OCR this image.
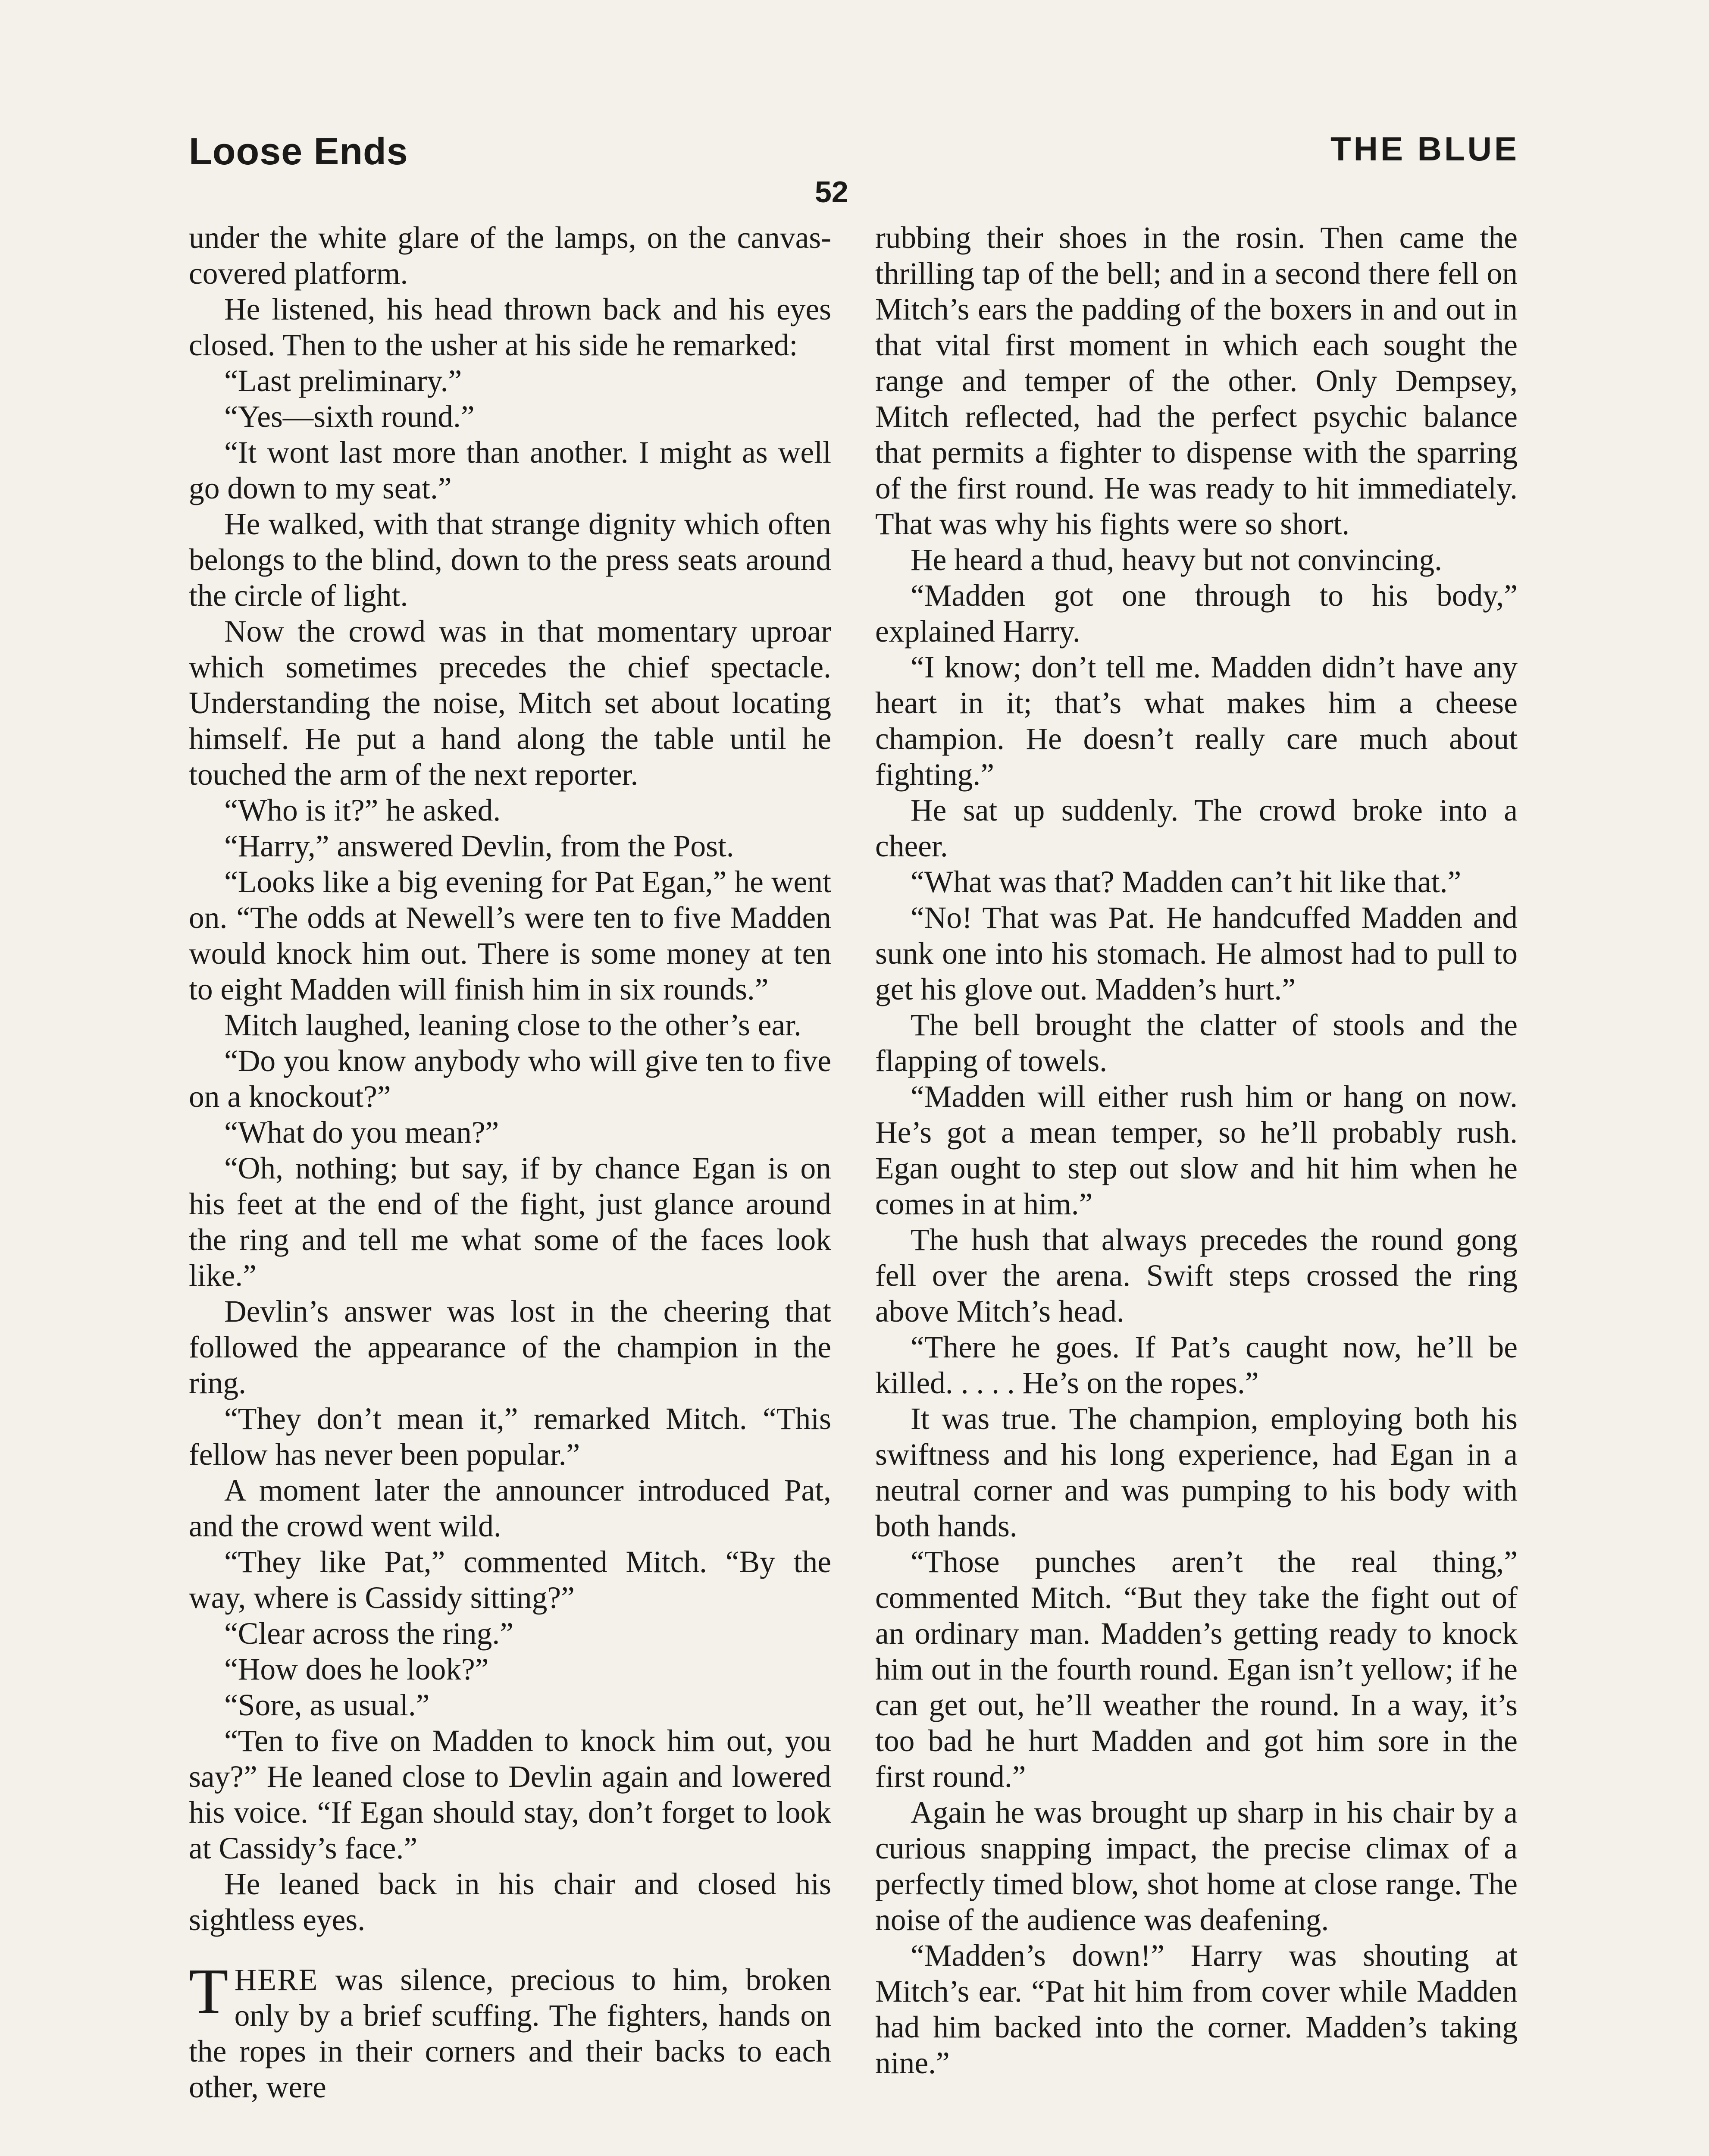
Loose Ends	THE BLUE
52

under the white glare of the lamps, on the canvas-covered platform.

He listened, his head thrown back and his eyes closed. Then to the usher at his side he remarked:

“Last preliminary.”

“Yes—sixth round.”

“It wont last more than another. I might as well go down to my seat.”

He walked, with that strange dignity which often belongs to the blind, down to the press seats around the circle of light.

Now the crowd was in that momentary uproar which sometimes precedes the chief spectacle. Understanding the noise, Mitch set about locating himself. He put a hand along the table until he touched the arm of the next reporter.

“Who is it?” he asked.

“Harry,” answered Devlin, from the Post.

“Looks like a big evening for Pat Egan,” he went on. “The odds at Newell’s were ten to five Madden would knock him out. There is some money at ten to eight Madden will finish him in six rounds.”

Mitch laughed, leaning close to the other’s ear.

“Do you know anybody who will give ten to five on a knockout?”

“What do you mean?”

“Oh, nothing; but say, if by chance Egan is on his feet at the end of the fight, just glance around the ring and tell me what some of the faces look like.”

Devlin’s answer was lost in the cheering that followed the appearance of the champion in the ring.

“They don’t mean it,” remarked Mitch. “This fellow has never been popular.”

A moment later the announcer introduced Pat, and the crowd went wild.

“They like Pat,” commented Mitch. “By the way, where is Cassidy sitting?”

“Clear across the ring.”

“How does he look?”

“Sore, as usual.”

“Ten to five on Madden to knock him out, you say?” He leaned close to Devlin again and lowered his voice. “If Egan should stay, don’t forget to look at Cassidy’s face.”

He leaned back in his chair and closed his sightless eyes.

THERE was silence, precious to him, broken only by a brief scuffing. The fighters, hands on the ropes in their corners and their backs to each other, were

rubbing their shoes in the rosin. Then came the thrilling tap of the bell; and in a second there fell on Mitch’s ears the padding of the boxers in and out in that vital first moment in which each sought the range and temper of the other. Only Dempsey, Mitch reflected, had the perfect psychic balance that permits a fighter to dispense with the sparring of the first round. He was ready to hit immediately. That was why his fights were so short.

He heard a thud, heavy but not convincing.

“Madden got one through to his body,” explained Harry.

“I know; don’t tell me. Madden didn’t have any heart in it; that’s what makes him a cheese champion. He doesn’t really care much about fighting.”

He sat up suddenly. The crowd broke into a cheer.

“What was that? Madden can’t hit like that.”

“No! That was Pat. He handcuffed Madden and sunk one into his stomach. He almost had to pull to get his glove out. Madden’s hurt.”

The bell brought the clatter of stools and the flapping of towels.

“Madden will either rush him or hang on now. He’s got a mean temper, so he’ll probably rush. Egan ought to step out slow and hit him when he comes in at him.”

The hush that always precedes the round gong fell over the arena. Swift steps crossed the ring above Mitch’s head.

“There he goes. If Pat’s caught now, he’ll be killed. . . . . He’s on the ropes.”

It was true. The champion, employing both his swiftness and his long experience, had Egan in a neutral corner and was pumping to his body with both hands.

“Those punches aren’t the real thing,” commented Mitch. “But they take the fight out of an ordinary man. Madden’s getting ready to knock him out in the fourth round. Egan isn’t yellow; if he can get out, he’ll weather the round. In a way, it’s too bad he hurt Madden and got him sore in the first round.”

Again he was brought up sharp in his chair by a curious snapping impact, the precise climax of a perfectly timed blow, shot home at close range. The noise of the audience was deafening.

“Madden’s down!” Harry was shouting at Mitch’s ear. “Pat hit him from cover while Madden had him backed into the corner. Madden’s taking nine.”
